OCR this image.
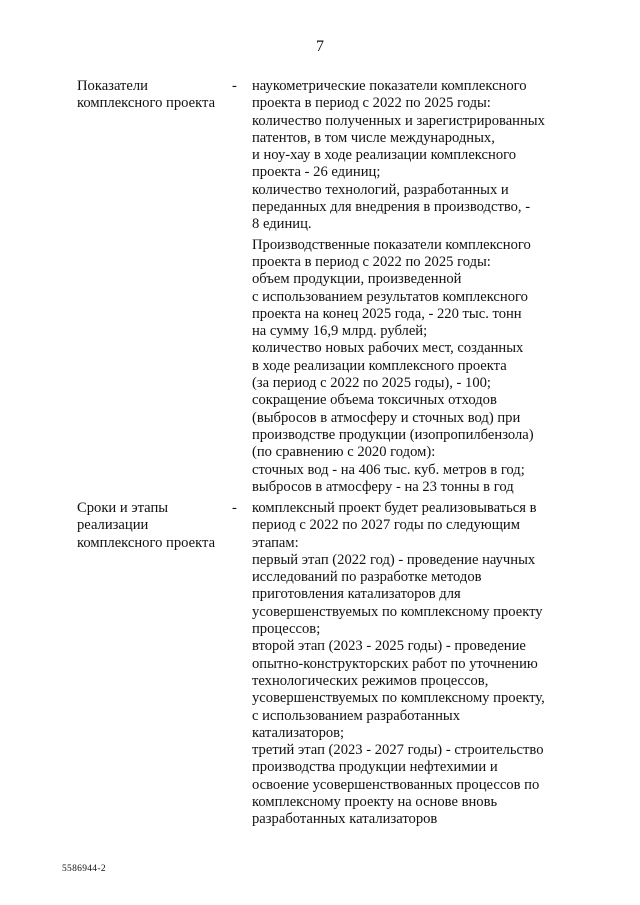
7
Показатели
комплексного проекта
-	наукометрические показатели комплексного
проекта в период с 2022 по 2025 годы:
количество полученных и зарегистрированных
патентов, в том числе международных,
и ноу-хау в ходе реализации комплексного
проекта - 26 единиц;
количество технологий, разработанных и
переданных для внедрения в производство, -
8 единиц.
Производственные показатели комплексного
проекта в период с 2022 по 2025 годы:
объем продукции, произведенной
с использованием результатов комплексного
проекта на конец 2025 года, - 220 тыс. тонн
на сумму 16,9 млрд. рублей;
количество новых рабочих мест, созданных
в ходе реализации комплексного проекта
(за период с 2022 по 2025 годы), - 100;
сокращение объема токсичных отходов
(выбросов в атмосферу и сточных вод) при
производстве продукции (изопропилбензола)
(по сравнению с 2020 годом):
сточных вод - на 406 тыс. куб. метров в год;
выбросов в атмосферу - на 23 тонны в год
Сроки и этапы
реализации
комплексного проекта
-	комплексный проект будет реализовываться в
период с 2022 по 2027 годы по следующим
этапам:
первый этап (2022 год) - проведение научных
исследований по разработке методов
приготовления катализаторов для
усовершенствуемых по комплексному проекту
процессов;
второй этап (2023 - 2025 годы) - проведение
опытно-конструкторских работ по уточнению
технологических режимов процессов,
усовершенствуемых по комплексному проекту,
с использованием разработанных
катализаторов;
третий этап (2023 - 2027 годы) - строительство
производства продукции нефтехимии и
освоение усовершенствованных процессов по
комплексному проекту на основе вновь
разработанных катализаторов
5586944-2
